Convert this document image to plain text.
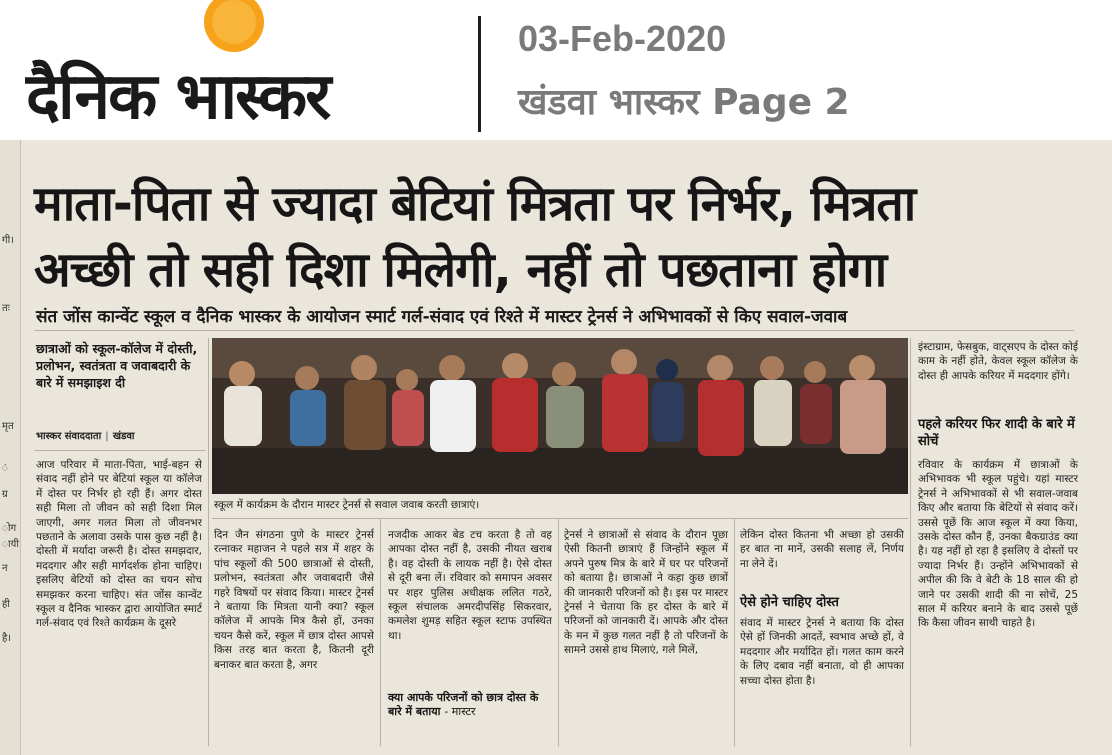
दैनिक भास्कर
03-Feb-2020
खंडवा भास्कर Page 2
गी।
तः
मृत
ं
ग्र
ोग
ायी
न
ही
है।
माता-पिता से ज्यादा बेटियां मित्रता पर निर्भर, मित्रता
अच्छी तो सही दिशा मिलेगी, नहीं तो पछताना होगा
संत जोंस कान्वेंट स्कूल व दैनिक भास्कर के आयोजन स्मार्ट गर्ल-संवाद एवं रिश्ते में मास्टर ट्रेनर्स ने अभिभावकों से किए सवाल-जवाब
छात्राओं को स्कूल-कॉलेज में दोस्ती, प्रलोभन, स्वतंत्रता व जवाबदारी के बारे में समझाइश दी
भास्कर संवाददाता | खंडवा
स्कूल में कार्यक्रम के दौरान मास्टर ट्रेनर्स से सवाल जवाब करती छात्राएं।
आज परिवार में माता-पिता, भाई-बहन से संवाद नहीं होने पर बेटियां स्कूल या कॉलेज में दोस्त पर निर्भर हो रही हैं। अगर दोस्त सही मिला तो जीवन को सही दिशा मिल जाएगी, अगर गलत मिला तो जीवनभर पछताने के अलावा उसके पास कुछ नहीं है। दोस्ती में मर्यादा जरूरी है। दोस्त समझदार, मददगार और सही मार्गदर्शक होना चाहिए। इसलिए बेटियों को दोस्त का चयन सोच समझकर करना चाहिए। संत जोंस कान्वेंट स्कूल व दैनिक भास्कर द्वारा आयोजित स्मार्ट गर्ल-संवाद एवं रिश्ते कार्यक्रम के दूसरे
दिन जैन संगठना पुणे के मास्टर ट्रेनर्स रत्नाकर महाजन ने पहले सत्र में शहर के पांच स्कूलों की 500 छात्राओं से दोस्ती, प्रलोभन, स्वतंत्रता और जवाबदारी जैसे गहरे विषयों पर संवाद किया। मास्टर ट्रेनर्स ने बताया कि मित्रता यानी क्या? स्कूल कॉलेज में आपके मित्र कैसे हों, उनका चयन कैसे करें, स्कूल में छात्र दोस्त आपसे किस तरह बात करता है, कितनी दूरी बनाकर बात करता है, अगर
नजदीक आकर बेड टच करता है तो वह आपका दोस्त नहीं है, उसकी नीयत खराब है। वह दोस्ती के लायक नहीं है। ऐसे दोस्त से दूरी बना लें। रविवार को समापन अवसर पर शहर पुलिस अधीक्षक ललित गठरे, स्कूल संचालक अमरदीपसिंह सिकरवार, कमलेश शुमड़ सहित स्कूल स्टाफ उपस्थित था।
क्या आपके परिजनों को छात्र दोस्त के बारे में बताया - मास्टर
ट्रेनर्स ने छात्राओं से संवाद के दौरान पूछा ऐसी कितनी छात्राएं हैं जिन्होंने स्कूल में अपने पुरुष मित्र के बारे में घर पर परिजनों को बताया है। छात्राओं ने कहा कुछ छात्रों की जानकारी परिजनों को है। इस पर मास्टर ट्रेनर्स ने चेताया कि हर दोस्त के बारे में परिजनों को जानकारी दें। आपके और दोस्त के मन में कुछ गलत नहीं है तो परिजनों के सामने उससे हाथ मिलाएं, गले मिलें,
लेकिन दोस्त कितना भी अच्छा हो उसकी हर बात ना मानें, उसकी सलाह लें, निर्णय ना लेने दें।
ऐसे होने चाहिए दोस्त
संवाद में मास्टर ट्रेनर्स ने बताया कि दोस्त ऐसे हों जिनकी आदतें, स्वभाव अच्छे हों, वे मददगार और मर्यादित हों। गलत काम करने के लिए दबाव नहीं बनाता, वो ही आपका सच्चा दोस्त होता है।
इंस्टाग्राम, फेसबुक, वाट्सएप के दोस्त कोई काम के नहीं होते, केवल स्कूल कॉलेज के दोस्त ही आपके करियर में मददगार होंगे।
पहले करियर फिर शादी के बारे में सोचें
रविवार के कार्यक्रम में छात्राओं के अभिभावक भी स्कूल पहुंचे। यहां मास्टर ट्रेनर्स ने अभिभावकों से भी सवाल-जवाब किए और बताया कि बेटियों से संवाद करें। उससे पूछें कि आज स्कूल में क्या किया, उसके दोस्त कौन हैं, उनका बैकग्राउंड क्या है। यह नहीं हो रहा है इसलिए वे दोस्तों पर ज्यादा निर्भर हैं। उन्होंने अभिभावकों से अपील की कि वे बेटी के 18 साल की हो जाने पर उसकी शादी की ना सोचें, 25 साल में करियर बनाने के बाद उससे पूछें कि कैसा जीवन साथी चाहते है।
